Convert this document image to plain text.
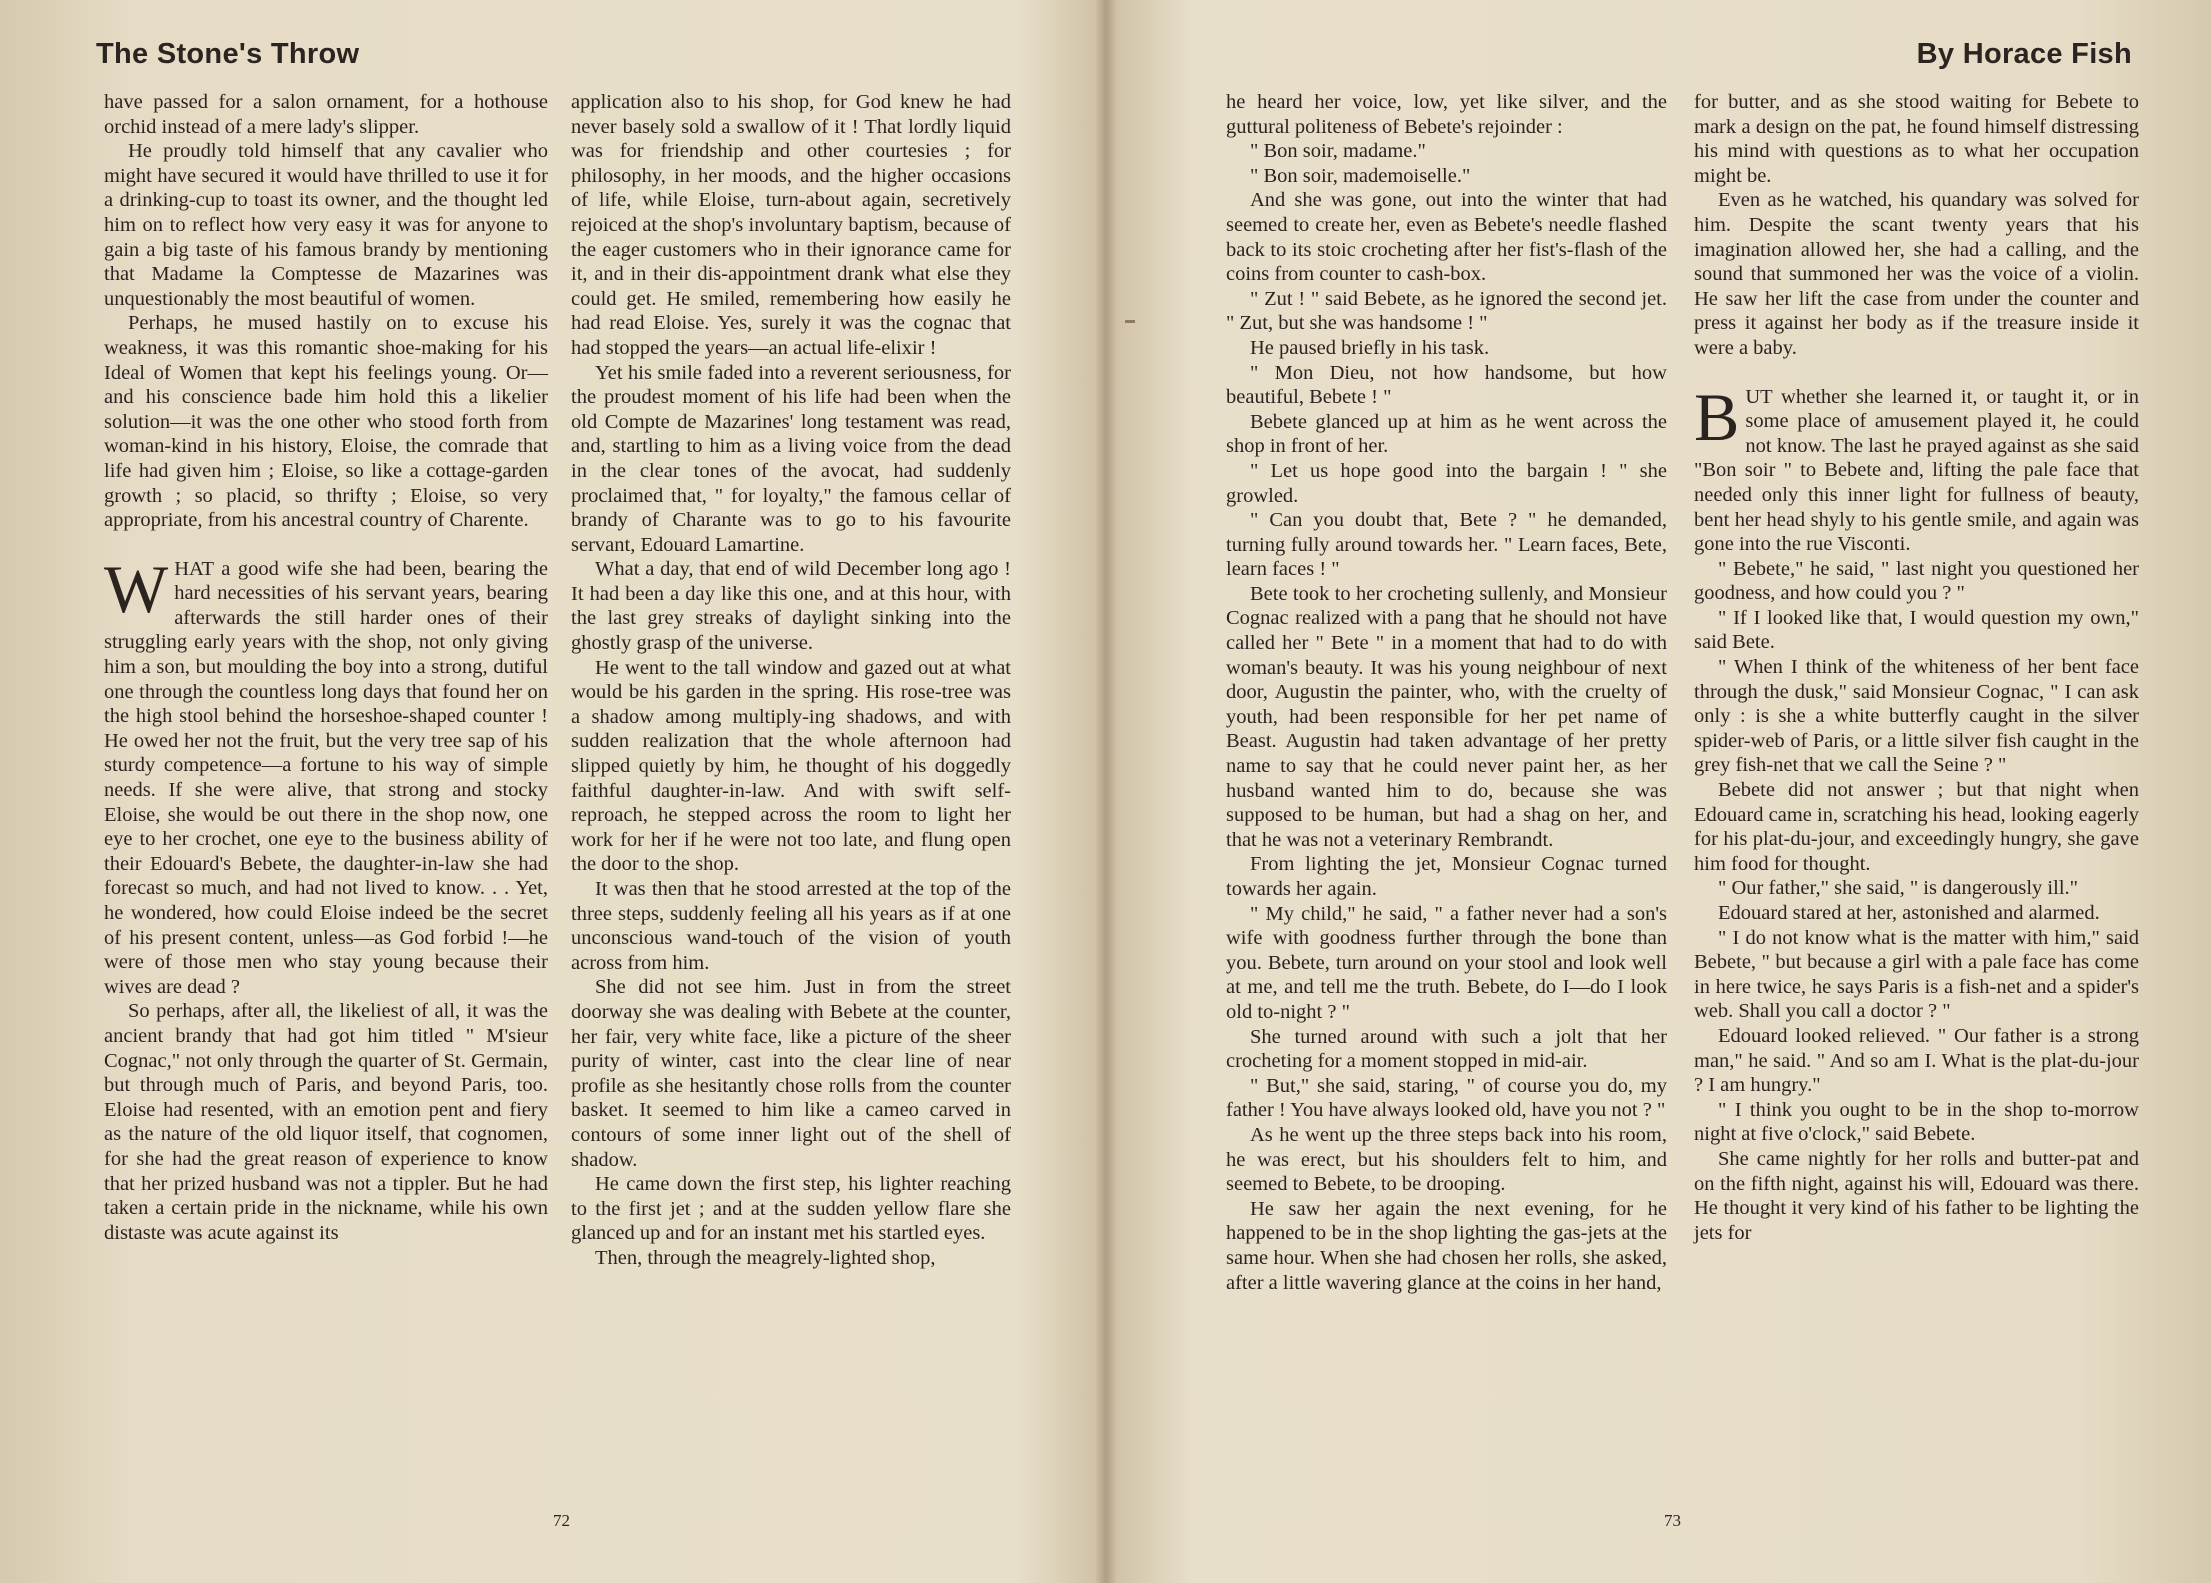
The Stone's Throw

have passed for a salon ornament, for a hothouse orchid instead of a mere lady's slipper.

He proudly told himself that any cavalier who might have secured it would have thrilled to use it for a drinking-cup to toast its owner, and the thought led him on to reflect how very easy it was for anyone to gain a big taste of his famous brandy by mentioning that Madame la Comptesse de Mazarines was unquestionably the most beautiful of women.

Perhaps, he mused hastily on to excuse his weakness, it was this romantic shoe-making for his Ideal of Women that kept his feelings young. Or—and his conscience bade him hold this a likelier solution—it was the one other who stood forth from woman-kind in his history, Eloise, the comrade that life had given him ; Eloise, so like a cottage-garden growth ; so placid, so thrifty ; Eloise, so very appropriate, from his ancestral country of Charente.

WHAT a good wife she had been, bearing the hard necessities of his servant years, bearing afterwards the still harder ones of their struggling early years with the shop, not only giving him a son, but moulding the boy into a strong, dutiful one through the countless long days that found her on the high stool behind the horseshoe-shaped counter ! He owed her not the fruit, but the very tree sap of his sturdy competence—a fortune to his way of simple needs. If she were alive, that strong and stocky Eloise, she would be out there in the shop now, one eye to her crochet, one eye to the business ability of their Edouard's Bebete, the daughter-in-law she had forecast so much, and had not lived to know. . . Yet, he wondered, how could Eloise indeed be the secret of his present content, unless—as God forbid !—he were of those men who stay young because their wives are dead ?

So perhaps, after all, the likeliest of all, it was the ancient brandy that had got him titled " M'sieur Cognac," not only through the quarter of St. Germain, but through much of Paris, and beyond Paris, too. Eloise had resented, with an emotion pent and fiery as the nature of the old liquor itself, that cognomen, for she had the great reason of experience to know that her prized husband was not a tippler. But he had taken a certain pride in the nickname, while his own distaste was acute against its

application also to his shop, for God knew he had never basely sold a swallow of it ! That lordly liquid was for friendship and other courtesies ; for philosophy, in her moods, and the higher occasions of life, while Eloise, turn-about again, secretively rejoiced at the shop's involuntary baptism, because of the eager customers who in their ignorance came for it, and in their dis-appointment drank what else they could get. He smiled, remembering how easily he had read Eloise. Yes, surely it was the cognac that had stopped the years—an actual life-elixir !

Yet his smile faded into a reverent seriousness, for the proudest moment of his life had been when the old Compte de Mazarines' long testament was read, and, startling to him as a living voice from the dead in the clear tones of the avocat, had suddenly proclaimed that, " for loyalty," the famous cellar of brandy of Charante was to go to his favourite servant, Edouard Lamartine.

What a day, that end of wild December long ago ! It had been a day like this one, and at this hour, with the last grey streaks of daylight sinking into the ghostly grasp of the universe.

He went to the tall window and gazed out at what would be his garden in the spring. His rose-tree was a shadow among multiply-ing shadows, and with sudden realization that the whole afternoon had slipped quietly by him, he thought of his doggedly faithful daughter-in-law. And with swift self-reproach, he stepped across the room to light her work for her if he were not too late, and flung open the door to the shop.

It was then that he stood arrested at the top of the three steps, suddenly feeling all his years as if at one unconscious wand-touch of the vision of youth across from him.

She did not see him. Just in from the street doorway she was dealing with Bebete at the counter, her fair, very white face, like a picture of the sheer purity of winter, cast into the clear line of near profile as she hesitantly chose rolls from the counter basket. It seemed to him like a cameo carved in contours of some inner light out of the shell of shadow.

He came down the first step, his lighter reaching to the first jet ; and at the sudden yellow flare she glanced up and for an instant met his startled eyes.

Then, through the meagrely-lighted shop,

72
By Horace Fish

he heard her voice, low, yet like silver, and the guttural politeness of Bebete's rejoinder :

" Bon soir, madame."

" Bon soir, mademoiselle."

And she was gone, out into the winter that had seemed to create her, even as Bebete's needle flashed back to its stoic crocheting after her fist's-flash of the coins from counter to cash-box.

" Zut ! " said Bebete, as he ignored the second jet. " Zut, but she was handsome ! "

He paused briefly in his task.

" Mon Dieu, not how handsome, but how beautiful, Bebete ! "

Bebete glanced up at him as he went across the shop in front of her.

" Let us hope good into the bargain ! " she growled.

" Can you doubt that, Bete ? " he demanded, turning fully around towards her. " Learn faces, Bete, learn faces ! "

Bete took to her crocheting sullenly, and Monsieur Cognac realized with a pang that he should not have called her " Bete " in a moment that had to do with woman's beauty. It was his young neighbour of next door, Augustin the painter, who, with the cruelty of youth, had been responsible for her pet name of Beast. Augustin had taken advantage of her pretty name to say that he could never paint her, as her husband wanted him to do, because she was supposed to be human, but had a shag on her, and that he was not a veterinary Rembrandt.

From lighting the jet, Monsieur Cognac turned towards her again.

" My child," he said, " a father never had a son's wife with goodness further through the bone than you. Bebete, turn around on your stool and look well at me, and tell me the truth. Bebete, do I—do I look old to-night ? "

She turned around with such a jolt that her crocheting for a moment stopped in mid-air.

" But," she said, staring, " of course you do, my father ! You have always looked old, have you not ? "

As he went up the three steps back into his room, he was erect, but his shoulders felt to him, and seemed to Bebete, to be drooping.

He saw her again the next evening, for he happened to be in the shop lighting the gas-jets at the same hour. When she had chosen her rolls, she asked, after a little wavering glance at the coins in her hand,

for butter, and as she stood waiting for Bebete to mark a design on the pat, he found himself distressing his mind with questions as to what her occupation might be.

Even as he watched, his quandary was solved for him. Despite the scant twenty years that his imagination allowed her, she had a calling, and the sound that summoned her was the voice of a violin. He saw her lift the case from under the counter and press it against her body as if the treasure inside it were a baby.

BUT whether she learned it, or taught it, or in some place of amusement played it, he could not know. The last he prayed against as she said "Bon soir " to Bebete and, lifting the pale face that needed only this inner light for fullness of beauty, bent her head shyly to his gentle smile, and again was gone into the rue Visconti.

" Bebete," he said, " last night you questioned her goodness, and how could you ? "

" If I looked like that, I would question my own," said Bete.

" When I think of the whiteness of her bent face through the dusk," said Monsieur Cognac, " I can ask only : is she a white butterfly caught in the silver spider-web of Paris, or a little silver fish caught in the grey fish-net that we call the Seine ? "

Bebete did not answer ; but that night when Edouard came in, scratching his head, looking eagerly for his plat-du-jour, and exceedingly hungry, she gave him food for thought.

" Our father," she said, " is dangerously ill."

Edouard stared at her, astonished and alarmed.

" I do not know what is the matter with him," said Bebete, " but because a girl with a pale face has come in here twice, he says Paris is a fish-net and a spider's web. Shall you call a doctor ? "

Edouard looked relieved. " Our father is a strong man," he said. " And so am I. What is the plat-du-jour ? I am hungry."

" I think you ought to be in the shop to-morrow night at five o'clock," said Bebete.

She came nightly for her rolls and butter-pat and on the fifth night, against his will, Edouard was there. He thought it very kind of his father to be lighting the jets for

73
